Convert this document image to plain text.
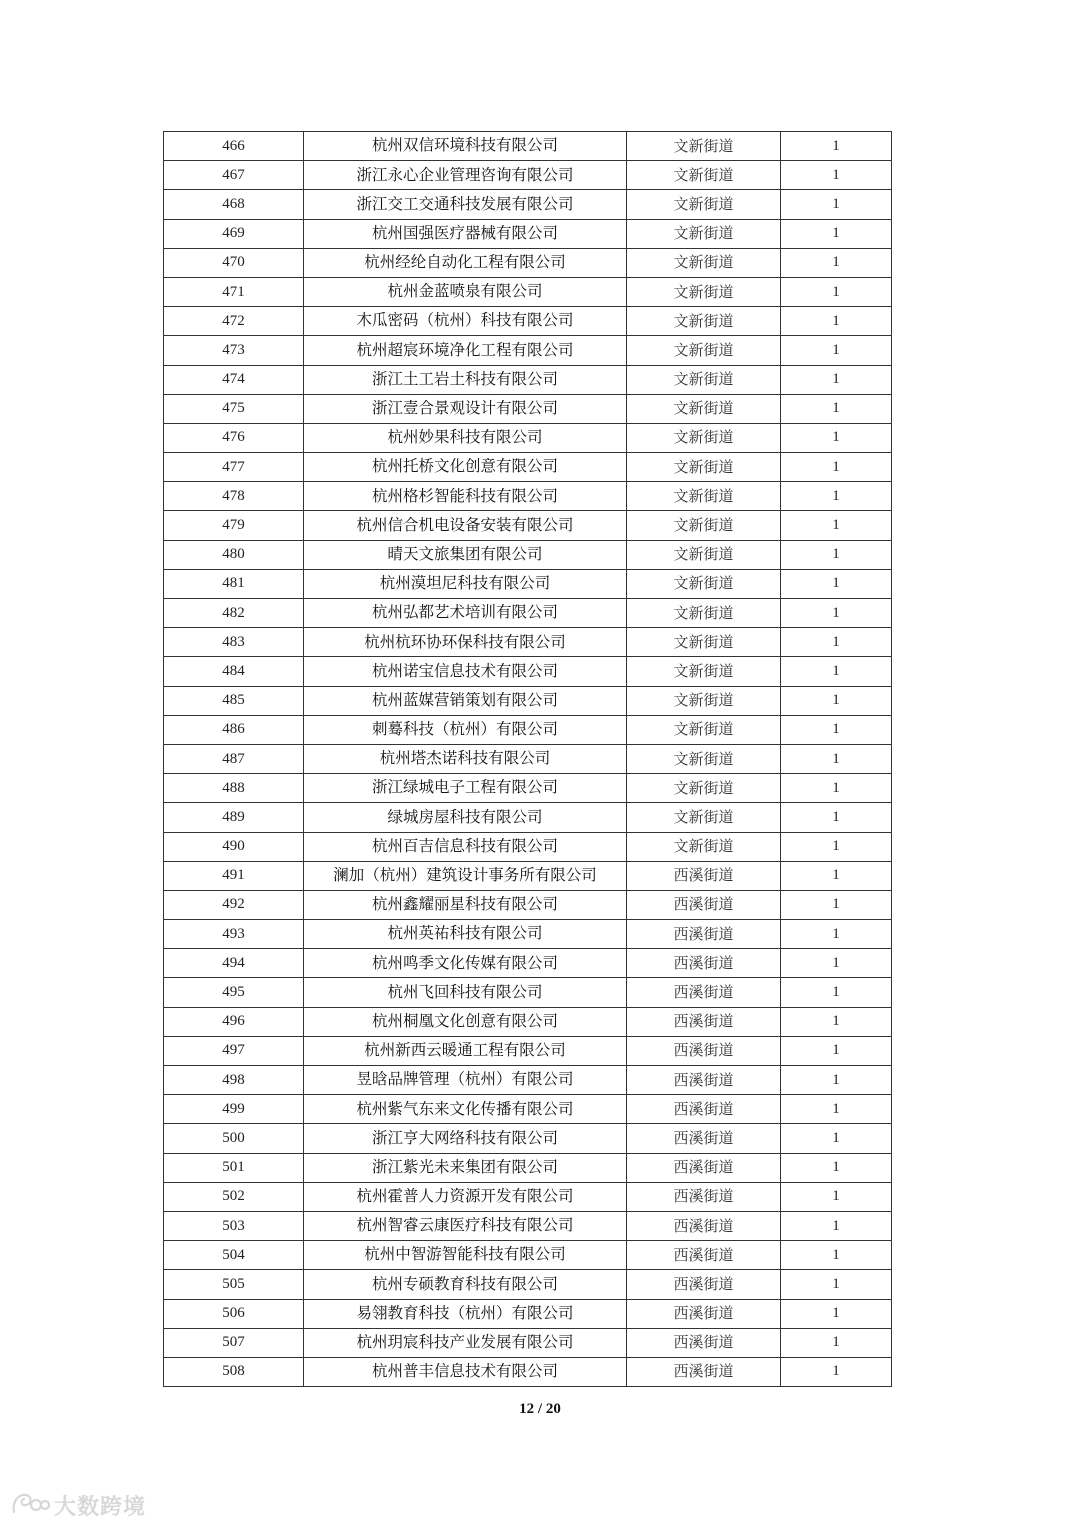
466	杭州双信环境科技有限公司	文新街道	1
467	浙江永心企业管理咨询有限公司	文新街道	1
468	浙江交工交通科技发展有限公司	文新街道	1
469	杭州国强医疗器械有限公司	文新街道	1
470	杭州经纶自动化工程有限公司	文新街道	1
471	杭州金蓝喷泉有限公司	文新街道	1
472	木瓜密码（杭州）科技有限公司	文新街道	1
473	杭州超宸环境净化工程有限公司	文新街道	1
474	浙江土工岩土科技有限公司	文新街道	1
475	浙江壹合景观设计有限公司	文新街道	1
476	杭州妙果科技有限公司	文新街道	1
477	杭州托桥文化创意有限公司	文新街道	1
478	杭州格杉智能科技有限公司	文新街道	1
479	杭州信合机电设备安装有限公司	文新街道	1
480	晴天文旅集团有限公司	文新街道	1
481	杭州漠坦尼科技有限公司	文新街道	1
482	杭州弘都艺术培训有限公司	文新街道	1
483	杭州杭环协环保科技有限公司	文新街道	1
484	杭州诺宝信息技术有限公司	文新街道	1
485	杭州蓝媒营销策划有限公司	文新街道	1
486	刺蓦科技（杭州）有限公司	文新街道	1
487	杭州塔杰诺科技有限公司	文新街道	1
488	浙江绿城电子工程有限公司	文新街道	1
489	绿城房屋科技有限公司	文新街道	1
490	杭州百吉信息科技有限公司	文新街道	1
491	澜加（杭州）建筑设计事务所有限公司	西溪街道	1
492	杭州鑫耀丽星科技有限公司	西溪街道	1
493	杭州英祐科技有限公司	西溪街道	1
494	杭州鸣季文化传媒有限公司	西溪街道	1
495	杭州飞回科技有限公司	西溪街道	1
496	杭州桐凰文化创意有限公司	西溪街道	1
497	杭州新西云暖通工程有限公司	西溪街道	1
498	昱晗品牌管理（杭州）有限公司	西溪街道	1
499	杭州紫气东来文化传播有限公司	西溪街道	1
500	浙江亨大网络科技有限公司	西溪街道	1
501	浙江紫光未来集团有限公司	西溪街道	1
502	杭州霍普人力资源开发有限公司	西溪街道	1
503	杭州智睿云康医疗科技有限公司	西溪街道	1
504	杭州中智游智能科技有限公司	西溪街道	1
505	杭州专硕教育科技有限公司	西溪街道	1
506	易翎教育科技（杭州）有限公司	西溪街道	1
507	杭州玥宸科技产业发展有限公司	西溪街道	1
508	杭州普丰信息技术有限公司	西溪街道	1
12 / 20
大数跨境
